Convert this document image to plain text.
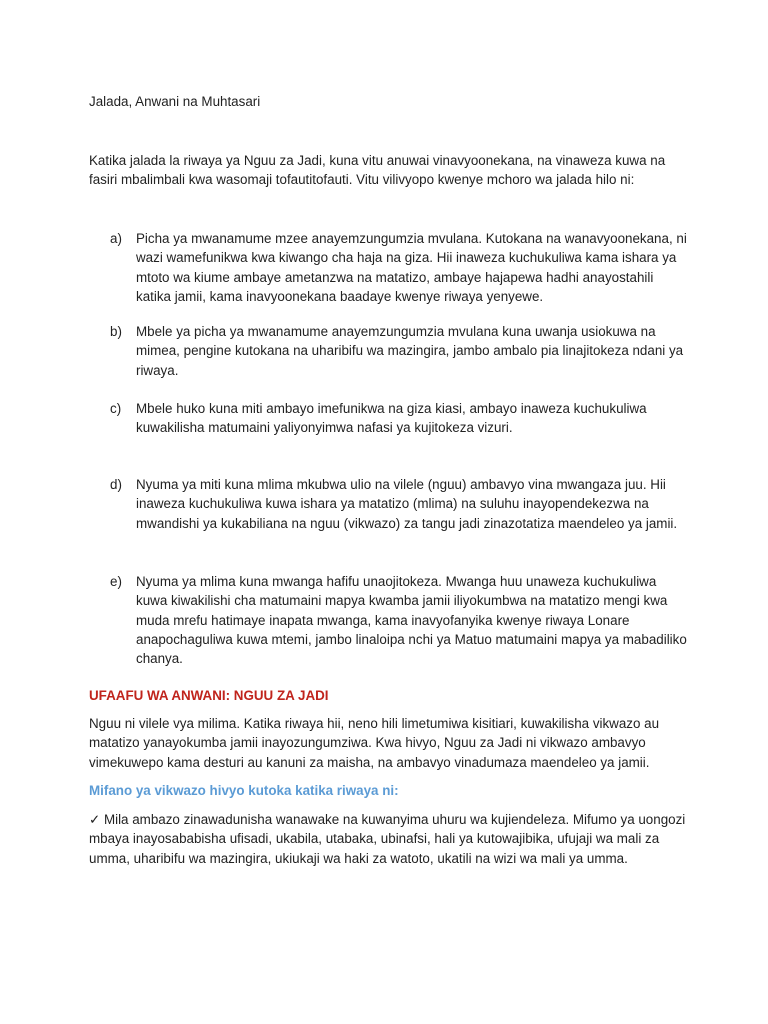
Jalada, Anwani na Muhtasari
Katika jalada la riwaya ya Nguu za Jadi, kuna vitu anuwai vinavyoonekana, na vinaweza kuwa na fasiri mbalimbali kwa wasomaji tofautitofauti. Vitu vilivyopo kwenye mchoro wa jalada hilo ni:
a)	Picha ya mwanamume mzee anayemzungumzia mvulana. Kutokana na wanavyoonekana, ni wazi wamefunikwa kwa kiwango cha haja na giza. Hii inaweza kuchukuliwa kama ishara ya mtoto wa kiume ambaye ametanzwa na matatizo, ambaye hajapewa hadhi anayostahili katika jamii, kama inavyoonekana baadaye kwenye riwaya yenyewe.
b)	Mbele ya picha ya mwanamume anayemzungumzia mvulana kuna uwanja usiokuwa na mimea, pengine kutokana na uharibifu wa mazingira, jambo ambalo pia linajitokeza ndani ya riwaya.
c)	Mbele huko kuna miti ambayo imefunikwa na giza kiasi, ambayo inaweza kuchukuliwa kuwakilisha matumaini yaliyonyimwa nafasi ya kujitokeza vizuri.
d)	Nyuma ya miti kuna mlima mkubwa ulio na vilele (nguu) ambavyo vina mwangaza juu. Hii inaweza kuchukuliwa kuwa ishara ya matatizo (mlima) na suluhu inayopendekezwa na mwandishi ya kukabiliana na nguu (vikwazo) za tangu jadi zinazotatiza maendeleo ya jamii.
e)	Nyuma ya mlima kuna mwanga hafifu unaojitokeza. Mwanga huu unaweza kuchukuliwa kuwa kiwakilishi cha matumaini mapya kwamba jamii iliyokumbwa na matatizo mengi kwa muda mrefu hatimaye inapata mwanga, kama inavyofanyika kwenye riwaya Lonare anapochaguliwa kuwa mtemi, jambo linaloipa nchi ya Matuo matumaini mapya ya mabadiliko chanya.
UFAAFU WA ANWANI: NGUU ZA JADI
Nguu ni vilele vya milima. Katika riwaya hii, neno hili limetumiwa kisitiari, kuwakilisha vikwazo au matatizo yanayokumba jamii inayozungumziwa. Kwa hivyo, Nguu za Jadi ni vikwazo ambavyo vimekuwepo kama desturi au kanuni za maisha, na ambavyo vinadumaza maendeleo ya jamii.
Mifano ya vikwazo hivyo kutoka katika riwaya ni:
✓ Mila ambazo zinawadunisha wanawake na kuwanyima uhuru wa kujiendeleza. Mifumo ya uongozi mbaya inayosababisha ufisadi, ukabila, utabaka, ubinafsi, hali ya kutowajibika, ufujaji wa mali za umma, uharibifu wa mazingira, ukiukaji wa haki za watoto, ukatili na wizi wa mali ya umma.
